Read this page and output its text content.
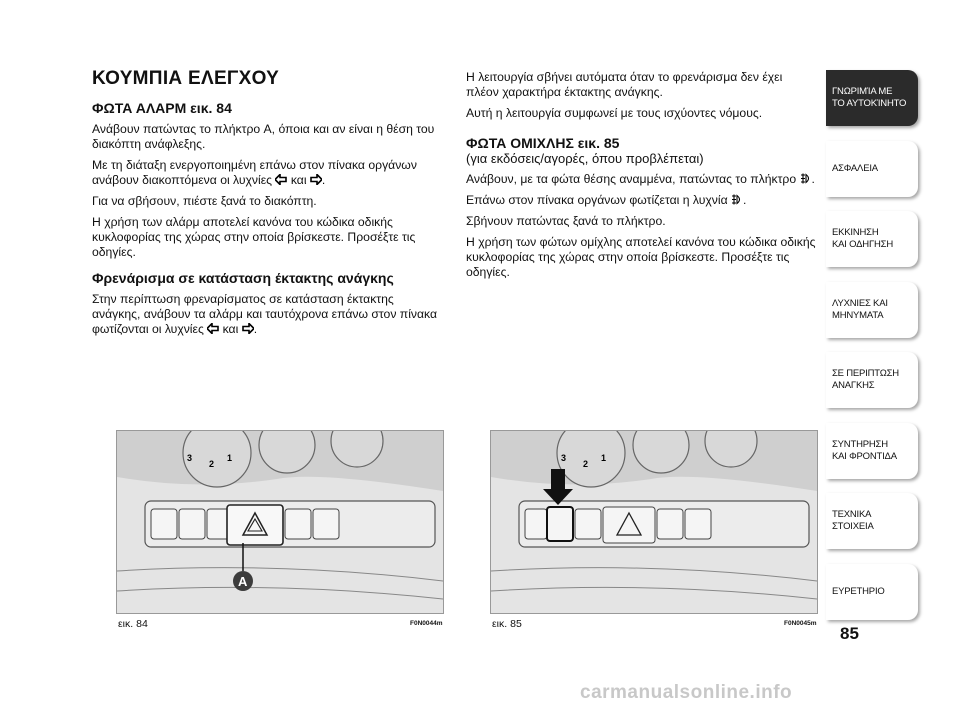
ΚΟΥΜΠΙΑ ΕΛΕΓΧΟΥ
ΦΩΤΑ ΑΛΑΡΜ εικ. 84

Ανάβουν πατώντας το πλήκτρο A, όποια και αν είναι η θέση του διακόπτη ανάφλεξης.

Με τη διάταξη ενεργοποιημένη επάνω στον πίνακα οργάνων ανάβουν διακοπτόμενα οι λυχνίες και .

Για να σβήσουν, πιέστε ξανά το διακόπτη.

Η χρήση των αλάρμ αποτελεί κανόνα του κώδικα οδικής κυκλοφορίας της χώρας στην οποία βρίσκεστε. Προσέξτε τις οδηγίες.

Φρενάρισμα σε κατάσταση έκτακτης ανάγκης

Στην περίπτωση φρεναρίσματος σε κατάσταση έκτακτης ανάγκης, ανάβουν τα αλάρμ και ταυτόχρονα επάνω στον πίνακα φωτίζονται οι λυχνίες και .

Η λειτουργία σβήνει αυτόματα όταν το φρενάρισμα δεν έχει πλέον χαρακτήρα έκτακτης ανάγκης.

Αυτή η λειτουργία συμφωνεί με τους ισχύοντες νόμους.

ΦΩΤΑ ΟΜΙΧΛΗΣ εικ. 85

(για εκδόσεις/αγορές, όπου προβλέπεται)

Ανάβουν, με τα φώτα θέσης αναμμένα, πατώντας το πλήκτρο .

Επάνω στον πίνακα οργάνων φωτίζεται η λυχνία .

Σβήνουν πατώντας ξανά το πλήκτρο.

Η χρήση των φώτων ομίχλης αποτελεί κανόνα του κώδικα οδικής κυκλοφορίας της χώρας στην οποία βρίσκεστε. Προσέξτε τις οδηγίες.

3
2
1
A
εικ. 84	F0N0044m
3
2
1
εικ. 85	F0N0045m
ΓΝΩΡΙΜΊΑ ΜΕ
ΤΟ ΑΥΤΟΚΊΝΗΤΟ
ΑΣΦΑΛΕΙΑ
ΕΚΚΙΝΗΣΗ
ΚΑΙ ΟΔΗΓΗΣΗ
ΛΥΧΝΙΕΣ ΚΑΙ
ΜΗΝΥΜΑΤΑ
ΣΕ ΠΕΡΙΠΤΩΣΗ
ΑΝΑΓΚΗΣ
ΣΥΝΤΗΡΗΣΗ
ΚΑΙ ΦΡΟΝΤΙΔΑ
ΤΕΧΝΙΚΑ
ΣΤΟΙΧΕΙΑ
ΕΥΡΕΤΗΡΙΟ
85
carmanualsonline.info
